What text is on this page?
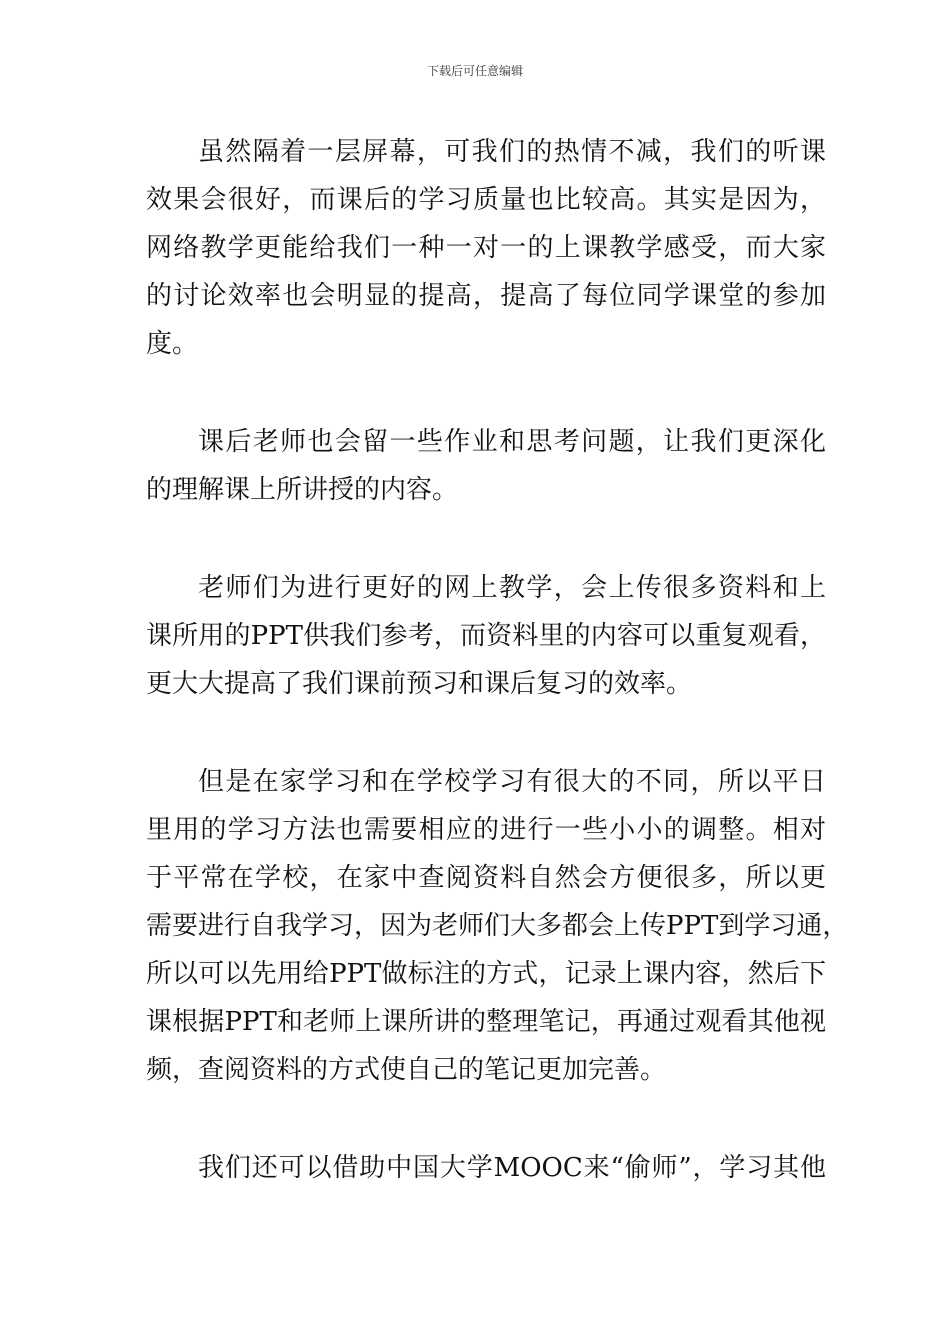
下载后可任意编辑
虽然隔着一层屏幕，可我们的热情不减，我们的听课
效果会很好，而课后的学习质量也比较高。其实是因为，
网络教学更能给我们一种一对一的上课教学感受，而大家
的讨论效率也会明显的提高，提高了每位同学课堂的参加
度。
课后老师也会留一些作业和思考问题，让我们更深化
的理解课上所讲授的内容。
老师们为进行更好的网上教学，会上传很多资料和上
课所用的PPT供我们参考，而资料里的内容可以重复观看，
更大大提高了我们课前预习和课后复习的效率。
但是在家学习和在学校学习有很大的不同，所以平日
里用的学习方法也需要相应的进行一些小小的调整。相对
于平常在学校，在家中查阅资料自然会方便很多，所以更
需要进行自我学习，因为老师们大多都会上传PPT到学习通，
所以可以先用给PPT做标注的方式，记录上课内容，然后下
课根据PPT和老师上课所讲的整理笔记，再通过观看其他视
频，查阅资料的方式使自己的笔记更加完善。
我们还可以借助中国大学MOOC来“偷师”，学习其他
